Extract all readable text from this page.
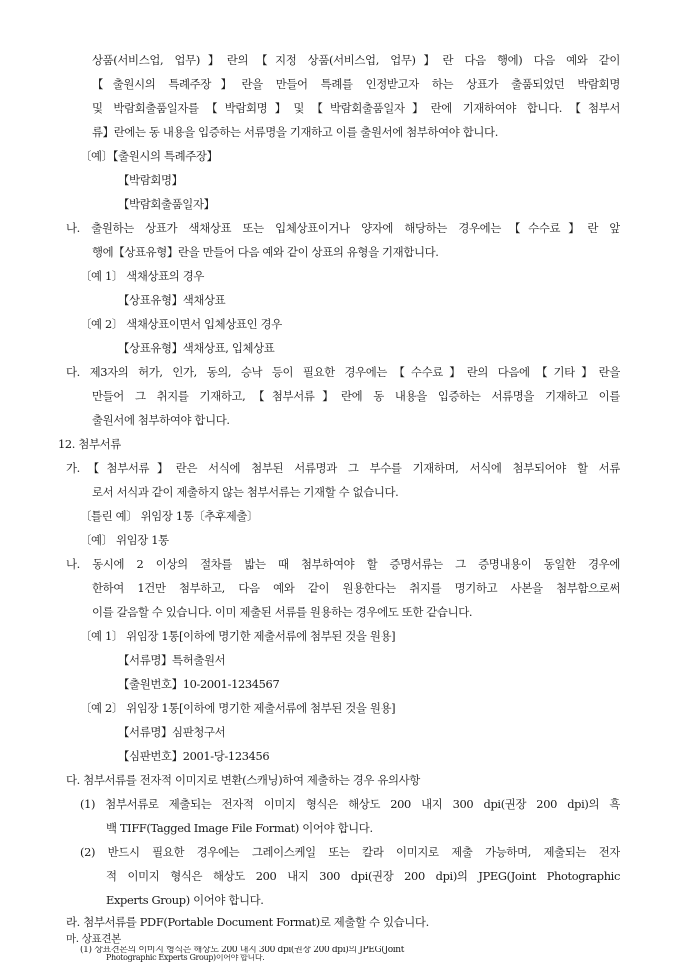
상품(서비스업, 업무)】란의【지정 상품(서비스업, 업무)】란 다음 행에) 다음 예와 같이
【출원시의 특례주장】란을 만들어 특례를 인정받고자 하는 상표가 출품되었던 박람회명
및 박람회출품일자를【박람회명】및【박람회출품일자】란에 기재하여야 합니다.【첨부서
류】란에는 동 내용을 입증하는 서류명을 기재하고 이를 출원서에 첨부하여야 합니다.
〔예〕【출원시의 특례주장】
【박람회명】
【박람회출품일자】
나. 출원하는 상표가 색채상표 또는 입체상표이거나 양자에 해당하는 경우에는【수수료】란 앞
행에【상표유형】란을 만들어 다음 예와 같이 상표의 유형을 기재합니다.
〔예 1〕 색채상표의 경우
【상표유형】색채상표
〔예 2〕 색채상표이면서 입체상표인 경우
【상표유형】색채상표, 입체상표
다. 제3자의 허가, 인가, 동의, 승낙 등이 필요한 경우에는【수수료】란의 다음에【기타】란을
만들어 그 취지를 기재하고,【첨부서류】란에 동 내용을 입증하는 서류명을 기재하고 이를
출원서에 첨부하여야 합니다.
12. 첨부서류
가.【첨부서류】란은 서식에 첨부된 서류명과 그 부수를 기재하며, 서식에 첨부되어야 할 서류
로서 서식과 같이 제출하지 않는 첨부서류는 기재할 수 없습니다.
〔틀린 예〕 위임장 1통〔추후제출〕
〔예〕 위임장 1통
나. 동시에 2 이상의 절차를 밟는 때 첨부하여야 할 증명서류는 그 증명내용이 동일한 경우에
한하여 1건만 첨부하고, 다음 예와 같이 원용한다는 취지를 명기하고 사본을 첨부함으로써
이를 갈음할 수 있습니다. 이미 제출된 서류를 원용하는 경우에도 또한 같습니다.
〔예 1〕 위임장 1통[이하에 명기한 제출서류에 첨부된 것을 원용]
【서류명】특허출원서
【출원번호】10-2001-1234567
〔예 2〕 위임장 1통[이하에 명기한 제출서류에 첨부된 것을 원용]
【서류명】심판청구서
【심판번호】2001-당-123456
다. 첨부서류를 전자적 이미지로 변환(스캐닝)하여 제출하는 경우 유의사항
(1) 첨부서류로 제출되는 전자적 이미지 형식은 해상도 200 내지 300 dpi(권장 200 dpi)의 흑
백 TIFF(Tagged Image File Format) 이어야 합니다.
(2) 반드시 필요한 경우에는 그레이스케일 또는 칼라 이미지로 제출 가능하며, 제출되는 전자
적 이미지 형식은 해상도 200 내지 300 dpi(권장 200 dpi)의 JPEG(Joint Photographic
Experts Group) 이어야 합니다.
라. 첨부서류를 PDF(Portable Document Format)로 제출할 수 있습니다.
마. 상표견본
(1) 상표견본의 이미지 형식은 해상도 200 내지 300 dpi(권장 200 dpi)의 JPEG(Joint
Photographic Experts Group)이어야 합니다.
